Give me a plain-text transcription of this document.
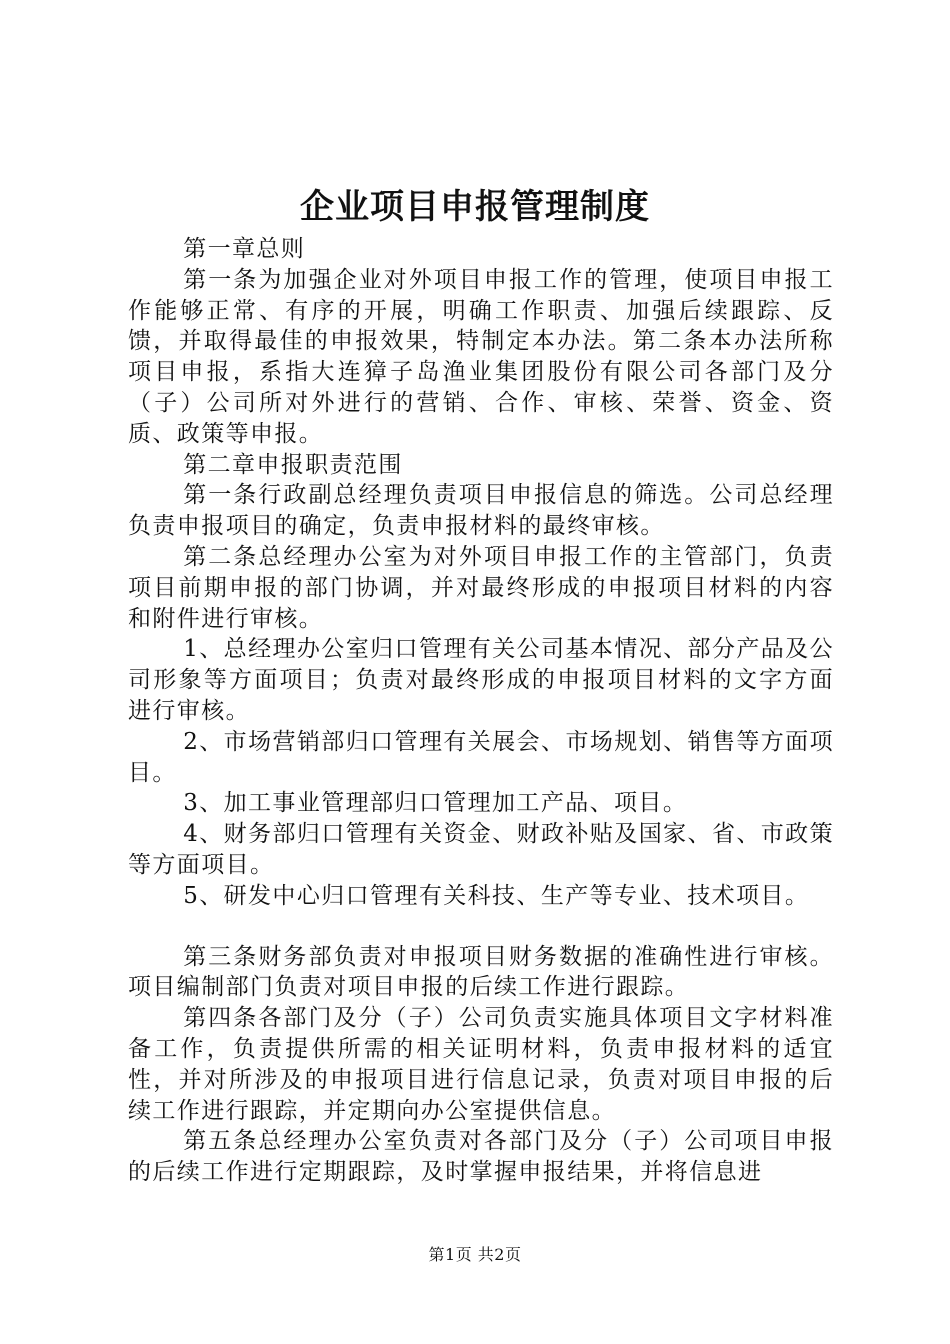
企业项目申报管理制度

第一章总则

第一条为加强企业对外项目申报工作的管理，使项目申报工作能够正常、有序的开展，明确工作职责、加强后续跟踪、反馈，并取得最佳的申报效果，特制定本办法。第二条本办法所称项目申报，系指大连獐子岛渔业集团股份有限公司各部门及分（子）公司所对外进行的营销、合作、审核、荣誉、资金、资质、政策等申报。

第二章申报职责范围

第一条行政副总经理负责项目申报信息的筛选。公司总经理负责申报项目的确定，负责申报材料的最终审核。

第二条总经理办公室为对外项目申报工作的主管部门，负责项目前期申报的部门协调，并对最终形成的申报项目材料的内容和附件进行审核。

1、总经理办公室归口管理有关公司基本情况、部分产品及公司形象等方面项目；负责对最终形成的申报项目材料的文字方面进行审核。

2、市场营销部归口管理有关展会、市场规划、销售等方面项目。

3、加工事业管理部归口管理加工产品、项目。

4、财务部归口管理有关资金、财政补贴及国家、省、市政策等方面项目。

5、研发中心归口管理有关科技、生产等专业、技术项目。

第三条财务部负责对申报项目财务数据的准确性进行审核。项目编制部门负责对项目申报的后续工作进行跟踪。

第四条各部门及分（子）公司负责实施具体项目文字材料准备工作，负责提供所需的相关证明材料，负责申报材料的适宜性，并对所涉及的申报项目进行信息记录，负责对项目申报的后续工作进行跟踪，并定期向办公室提供信息。

第五条总经理办公室负责对各部门及分（子）公司项目申报的后续工作进行定期跟踪，及时掌握申报结果，并将信息进

第1页 共2页
